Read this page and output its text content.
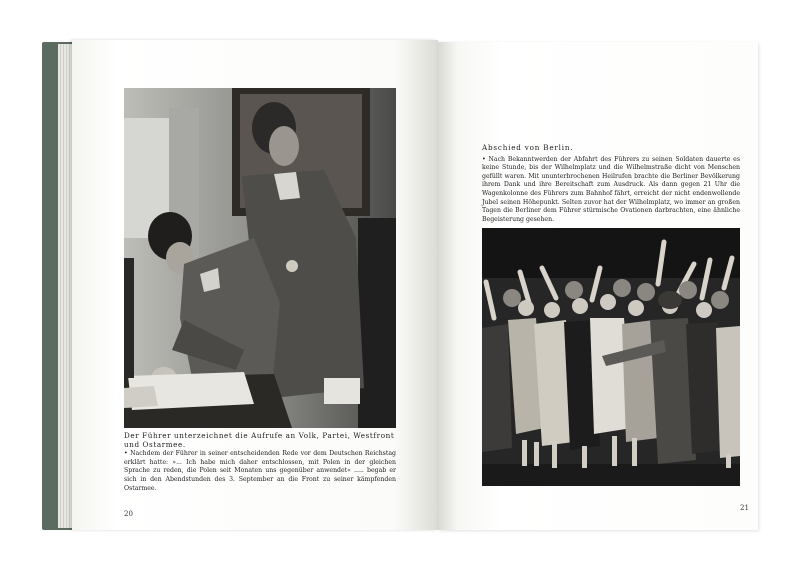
Der Führer unterzeichnet die Aufrufe an Volk, Partei, Westfront und Ostarmee.
• Nachdem der Führer in seiner entscheidenden Rede vor dem Deutschen Reichstag erklärt hatte: »... Ich habe mich daher entschlossen, mit Polen in der gleichen Sprache zu reden, die Polen seit Monaten uns gegenüber anwendet« ..... begab er sich in den Abendstunden des 3. September an die Front zu seiner kämpfenden Ostarmee.
20
Abschied von Berlin.
• Nach Bekanntwerden der Abfahrt des Führers zu seinen Soldaten dauerte es keine Stunde, bis der Wilhelmplatz und die Wilhelmstraße dicht von Menschen gefüllt waren. Mit ununterbrochenen Heilrufen brachte die Berliner Bevölkerung ihrem Dank und ihre Bereitschaft zum Ausdruck. Als dann gegen 21 Uhr die Wagenkolonne des Führers zum Bahnhof fährt, erreicht der nicht endenwollende Jubel seinen Höhepunkt. Selten zuvor hat der Wilhelmplatz, wo immer an großen Tagen die Berliner dem Führer stürmische Ovationen darbrachten, eine ähnliche Begeisterung gesehen.
21
